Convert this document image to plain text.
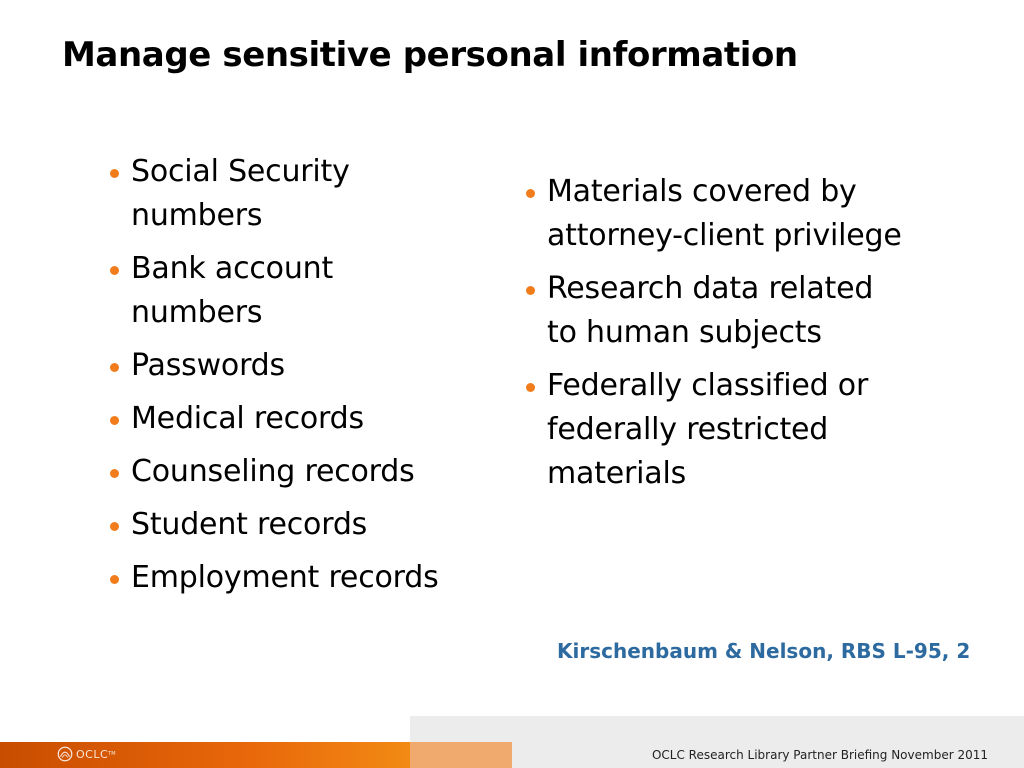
Manage sensitive personal information
Social Security numbers
Bank account numbers
Passwords
Medical records
Counseling records
Student records
Employment records
Materials covered by attorney-client privilege
Research data related to human subjects
Federally classified or federally restricted materials
Kirschenbaum & Nelson, RBS L-95, 2
OCLC TM	OCLC Research Library Partner Briefing November 2011
